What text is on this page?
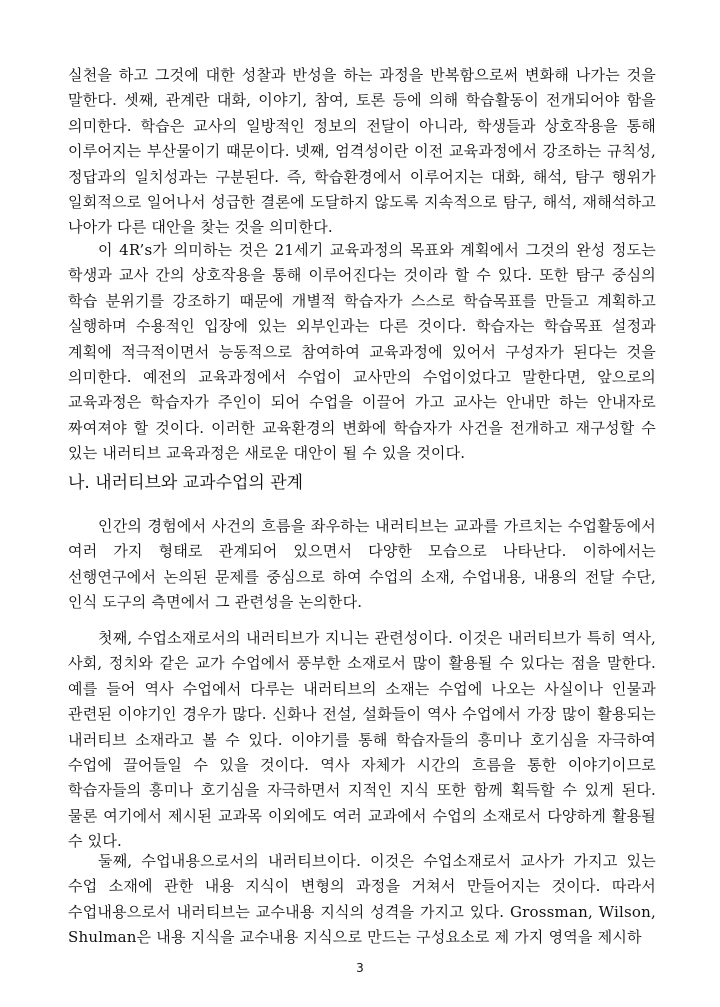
실천을 하고 그것에 대한 성찰과 반성을 하는 과정을 반복함으로써 변화해 나가는 것을 말한다. 셋째, 관계란 대화, 이야기, 참여, 토론 등에 의해 학습활동이 전개되어야 함을 의미한다. 학습은 교사의 일방적인 정보의 전달이 아니라, 학생들과 상호작용을 통해 이루어지는 부산물이기 때문이다. 넷째, 엄격성이란 이전 교육과정에서 강조하는 규칙성, 정답과의 일치성과는 구분된다. 즉, 학습환경에서 이루어지는 대화, 해석, 탐구 행위가 일회적으로 일어나서 성급한 결론에 도달하지 않도록 지속적으로 탐구, 해석, 재해석하고 나아가 다른 대안을 찾는 것을 의미한다.

이 4R’s가 의미하는 것은 21세기 교육과정의 목표와 계획에서 그것의 완성 정도는 학생과 교사 간의 상호작용을 통해 이루어진다는 것이라 할 수 있다. 또한 탐구 중심의 학습 분위기를 강조하기 때문에 개별적 학습자가 스스로 학습목표를 만들고 계획하고 실행하며 수용적인 입장에 있는 외부인과는 다른 것이다. 학습자는 학습목표 설정과 계획에 적극적이면서 능동적으로 참여하여 교육과정에 있어서 구성자가 된다는 것을 의미한다. 예전의 교육과정에서 수업이 교사만의 수업이었다고 말한다면, 앞으로의 교육과정은 학습자가 주인이 되어 수업을 이끌어 가고 교사는 안내만 하는 안내자로 짜여져야 할 것이다. 이러한 교육환경의 변화에 학습자가 사건을 전개하고 재구성할 수 있는 내러티브 교육과정은 새로운 대안이 될 수 있을 것이다.

나. 내러티브와 교과수업의 관계

인간의 경험에서 사건의 흐름을 좌우하는 내러티브는 교과를 가르치는 수업활동에서 여러 가지 형태로 관계되어 있으면서 다양한 모습으로 나타난다. 이하에서는 선행연구에서 논의된 문제를 중심으로 하여 수업의 소재, 수업내용, 내용의 전달 수단, 인식 도구의 측면에서 그 관련성을 논의한다.

첫째, 수업소재로서의 내러티브가 지니는 관련성이다. 이것은 내러티브가 특히 역사, 사회, 정치와 같은 교가 수업에서 풍부한 소재로서 많이 활용될 수 있다는 점을 말한다. 예를 들어 역사 수업에서 다루는 내러티브의 소재는 수업에 나오는 사실이나 인물과 관련된 이야기인 경우가 많다. 신화나 전설, 설화들이 역사 수업에서 가장 많이 활용되는 내러티브 소재라고 볼 수 있다. 이야기를 통해 학습자들의 흥미나 호기심을 자극하여 수업에 끌어들일 수 있을 것이다. 역사 자체가 시간의 흐름을 통한 이야기이므로 학습자들의 흥미나 호기심을 자극하면서 지적인 지식 또한 함께 획득할 수 있게 된다. 물론 여기에서 제시된 교과목 이외에도 여러 교과에서 수업의 소재로서 다양하게 활용될 수 있다.

둘째, 수업내용으로서의 내러티브이다. 이것은 수업소재로서 교사가 가지고 있는 수업 소재에 관한 내용 지식이 변형의 과정을 거쳐서 만들어지는 것이다. 따라서 수업내용으로서 내러티브는 교수내용 지식의 성격을 가지고 있다. Grossman, Wilson, Shulman은 내용 지식을 교수내용 지식으로 만드는 구성요소로 제 가지 영역을 제시하

3
